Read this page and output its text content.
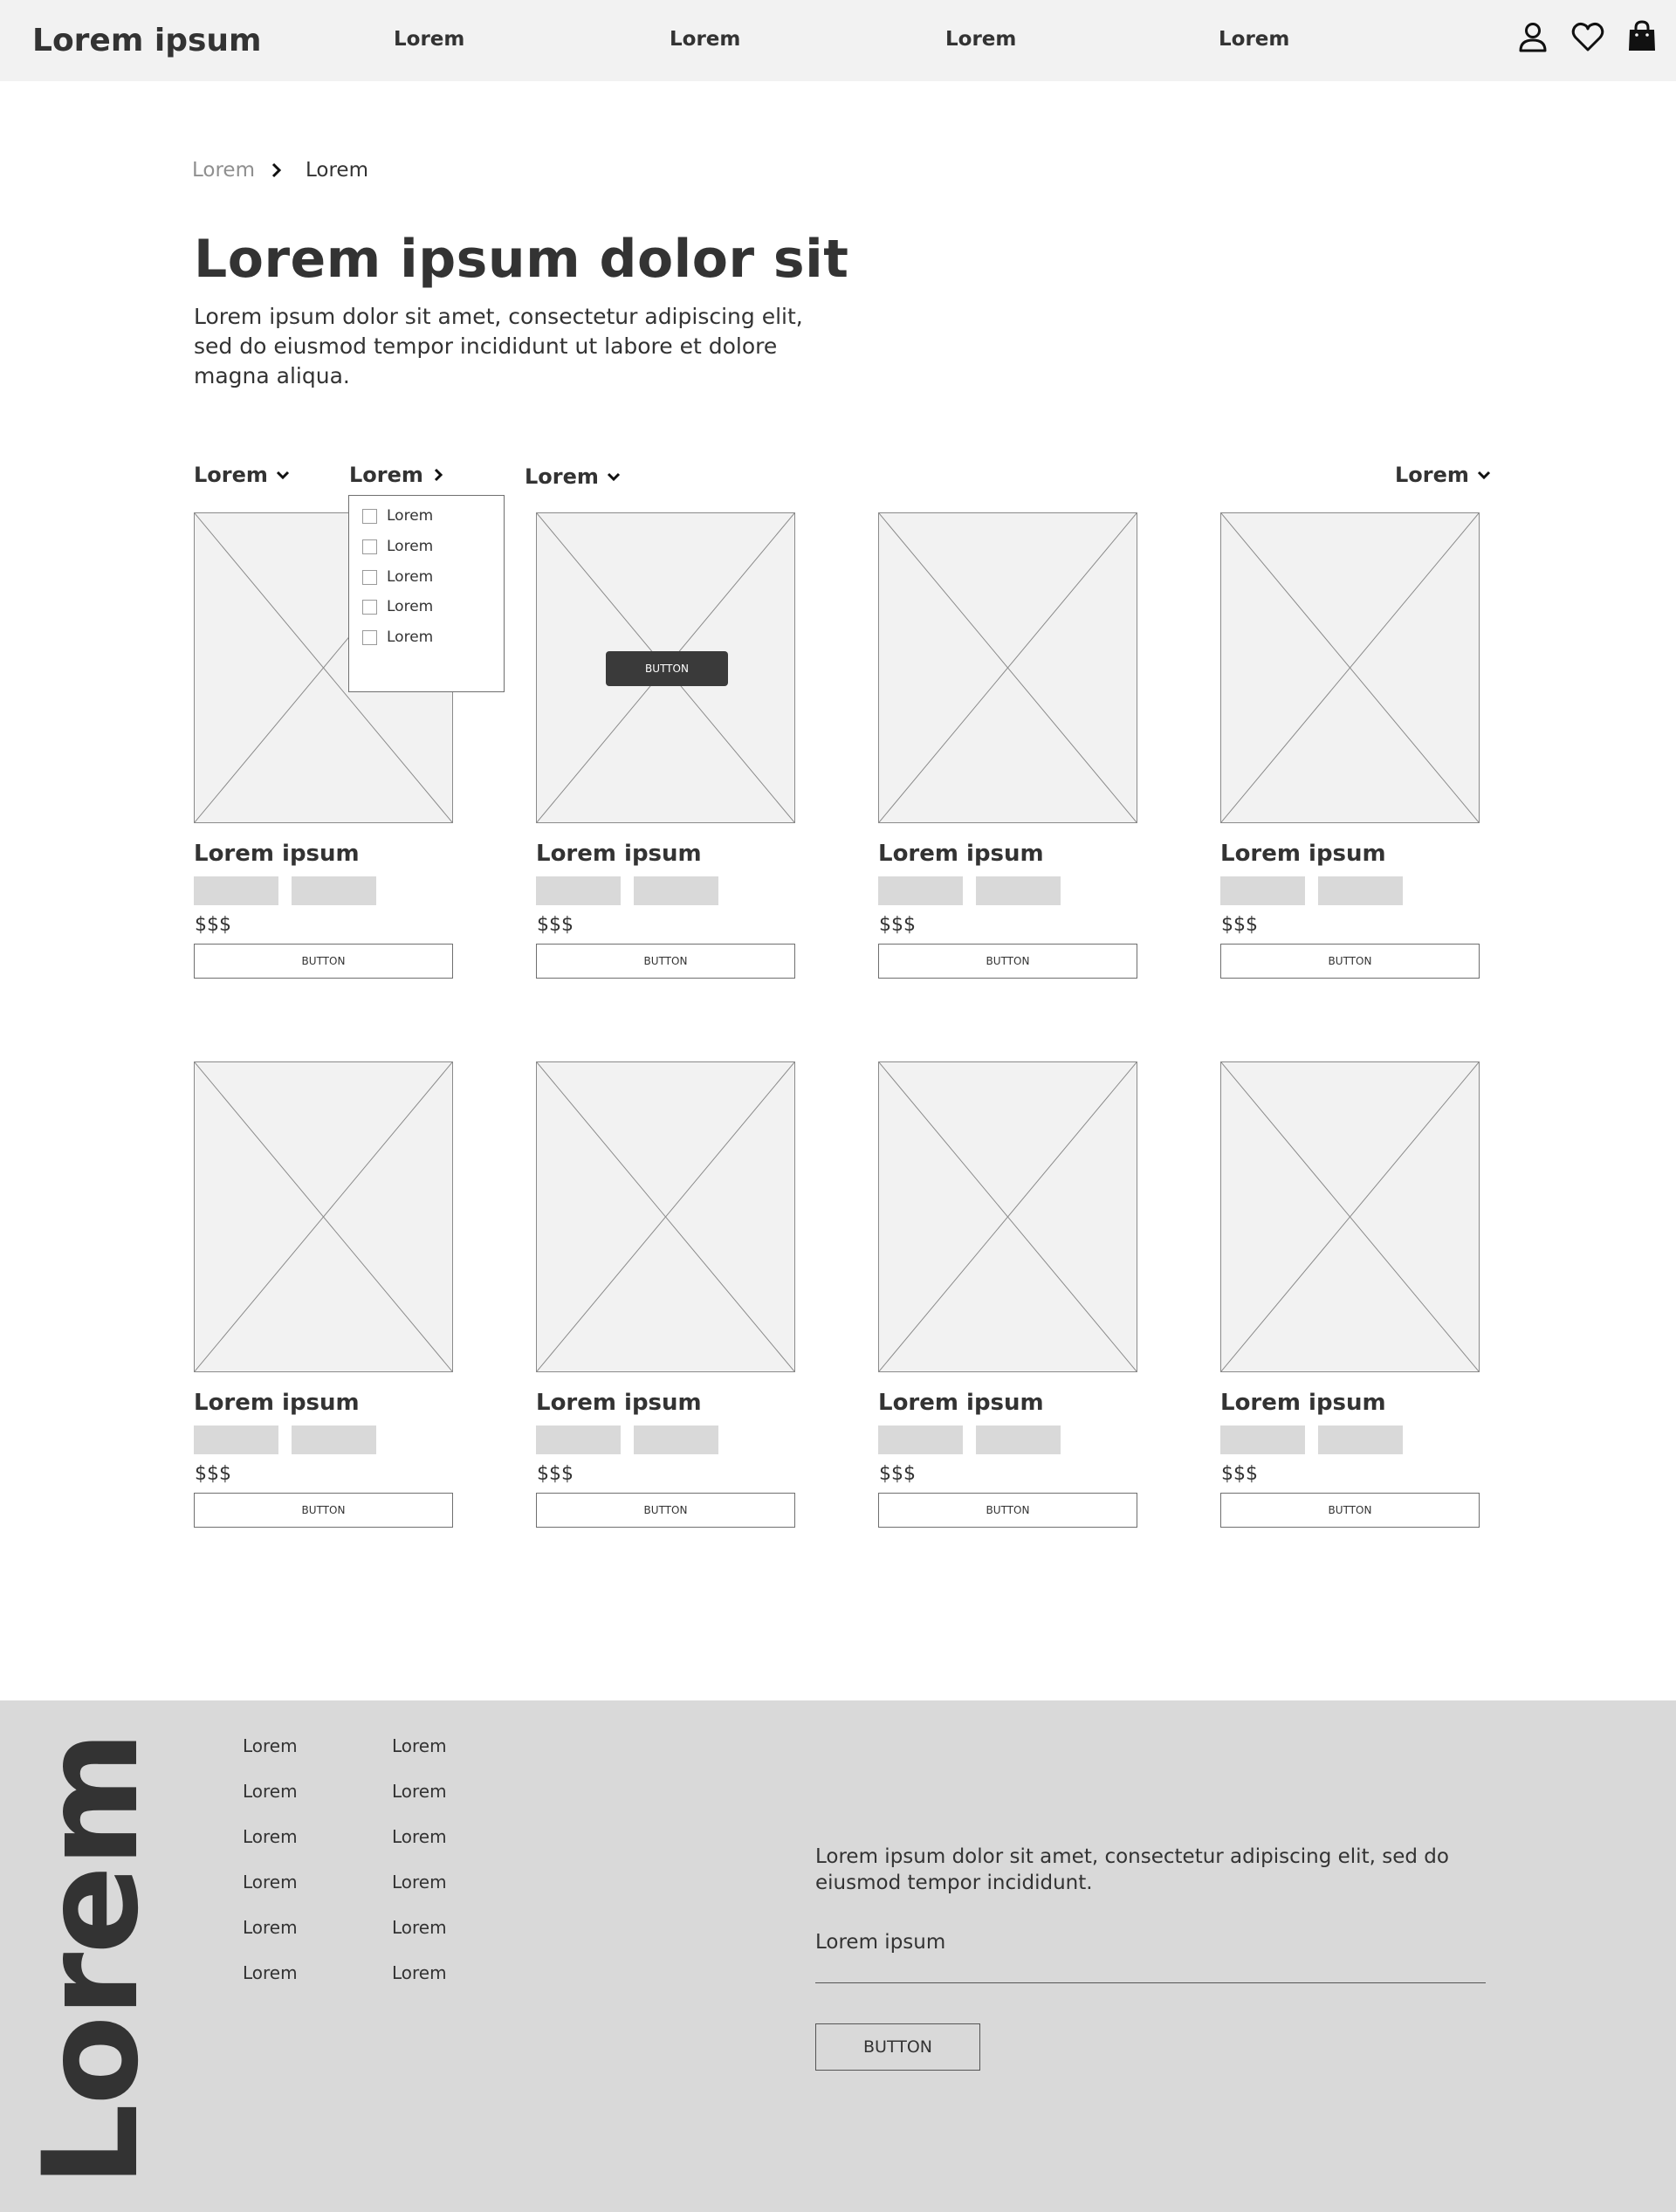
Lorem ipsum	Lorem	Lorem	Lorem	Lorem
Lorem	Lorem
Lorem ipsum dolor sit
Lorem ipsum dolor sit amet, consectetur adipiscing elit, sed do eiusmod tempor incididunt ut labore et dolore magna aliqua.
Lorem	Lorem	Lorem	Lorem
Lorem
Lorem
Lorem
Lorem
Lorem
Lorem ipsum
$$$
BUTTON
BUTTON
Lorem ipsum
$$$
BUTTON
Lorem ipsum
$$$
BUTTON
Lorem ipsum
$$$
BUTTON
Lorem ipsum
$$$
BUTTON
Lorem ipsum
$$$
BUTTON
Lorem ipsum
$$$
BUTTON
Lorem ipsum
$$$
BUTTON
Lorem	Lorem
Lorem
Lorem
Lorem
Lorem
Lorem
Lorem
Lorem
Lorem
Lorem
Lorem
Lorem
Lorem ipsum dolor sit amet, consectetur adipiscing elit, sed do eiusmod tempor incididunt.
Lorem ipsum
BUTTON
